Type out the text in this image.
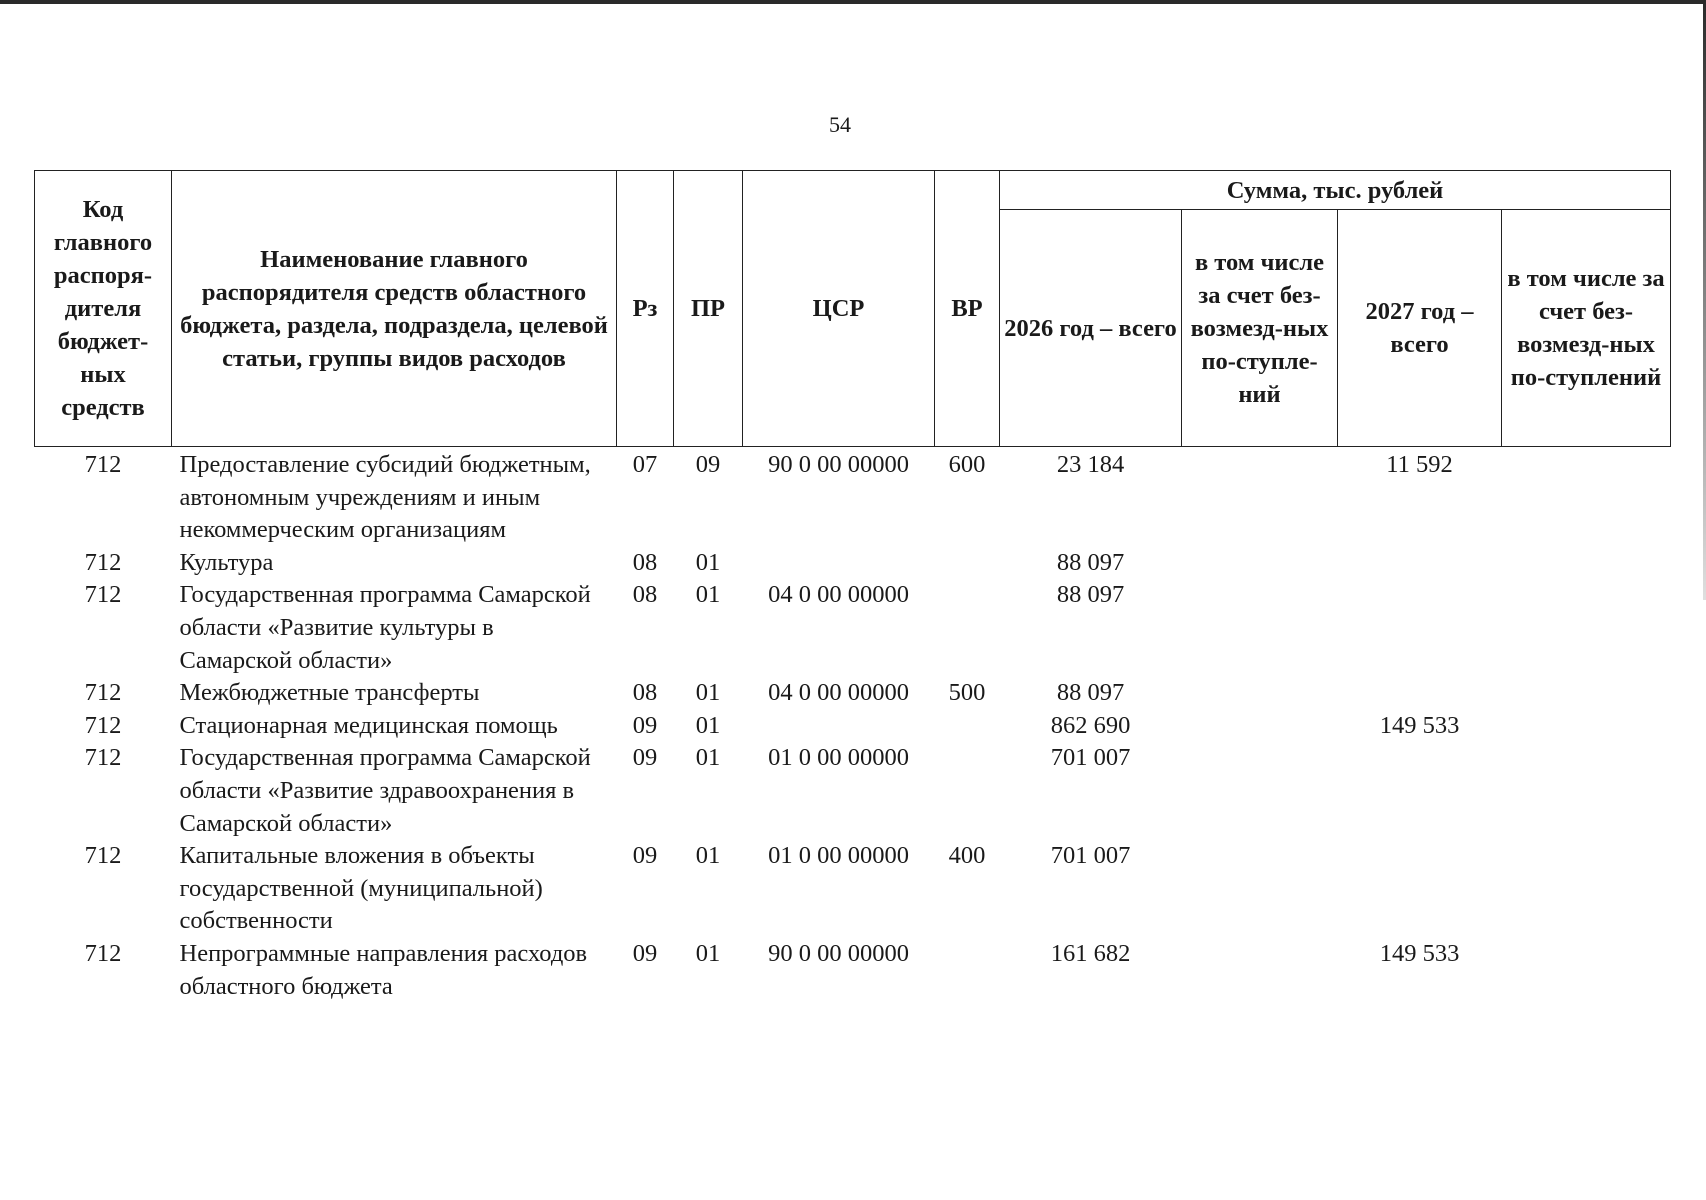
54
Код главного распоря-дителя бюджет-ных средств	Наименование главного распорядителя средств областного бюджета, раздела, подраздела, целевой статьи, группы видов расходов	Рз	ПР	ЦСР	ВР	Сумма, тыс. рублей			
						2026 год – всего	в том числе за счет без-возмезд-ных по-ступле-ний	2027 год – всего	в том числе за счет без-возмезд-ных по-ступлений
712	Предоставление субсидий бюджетным, автономным учреждениям и иным некоммерческим организациям	07	09	90 0 00 00000	600	23 184		11 592	
712	Культура	08	01			88 097			
712	Государственная программа Самарской области «Развитие культуры в Самарской области»	08	01	04 0 00 00000		88 097			
712	Межбюджетные трансферты	08	01	04 0 00 00000	500	88 097			
712	Стационарная медицинская помощь	09	01			862 690		149 533	
712	Государственная программа Самарской области «Развитие здравоохранения в Самарской области»	09	01	01 0 00 00000		701 007			
712	Капитальные вложения в объекты государственной (муниципальной) собственности	09	01	01 0 00 00000	400	701 007			
712	Непрограммные направления расходов областного бюджета	09	01	90 0 00 00000		161 682		149 533	
